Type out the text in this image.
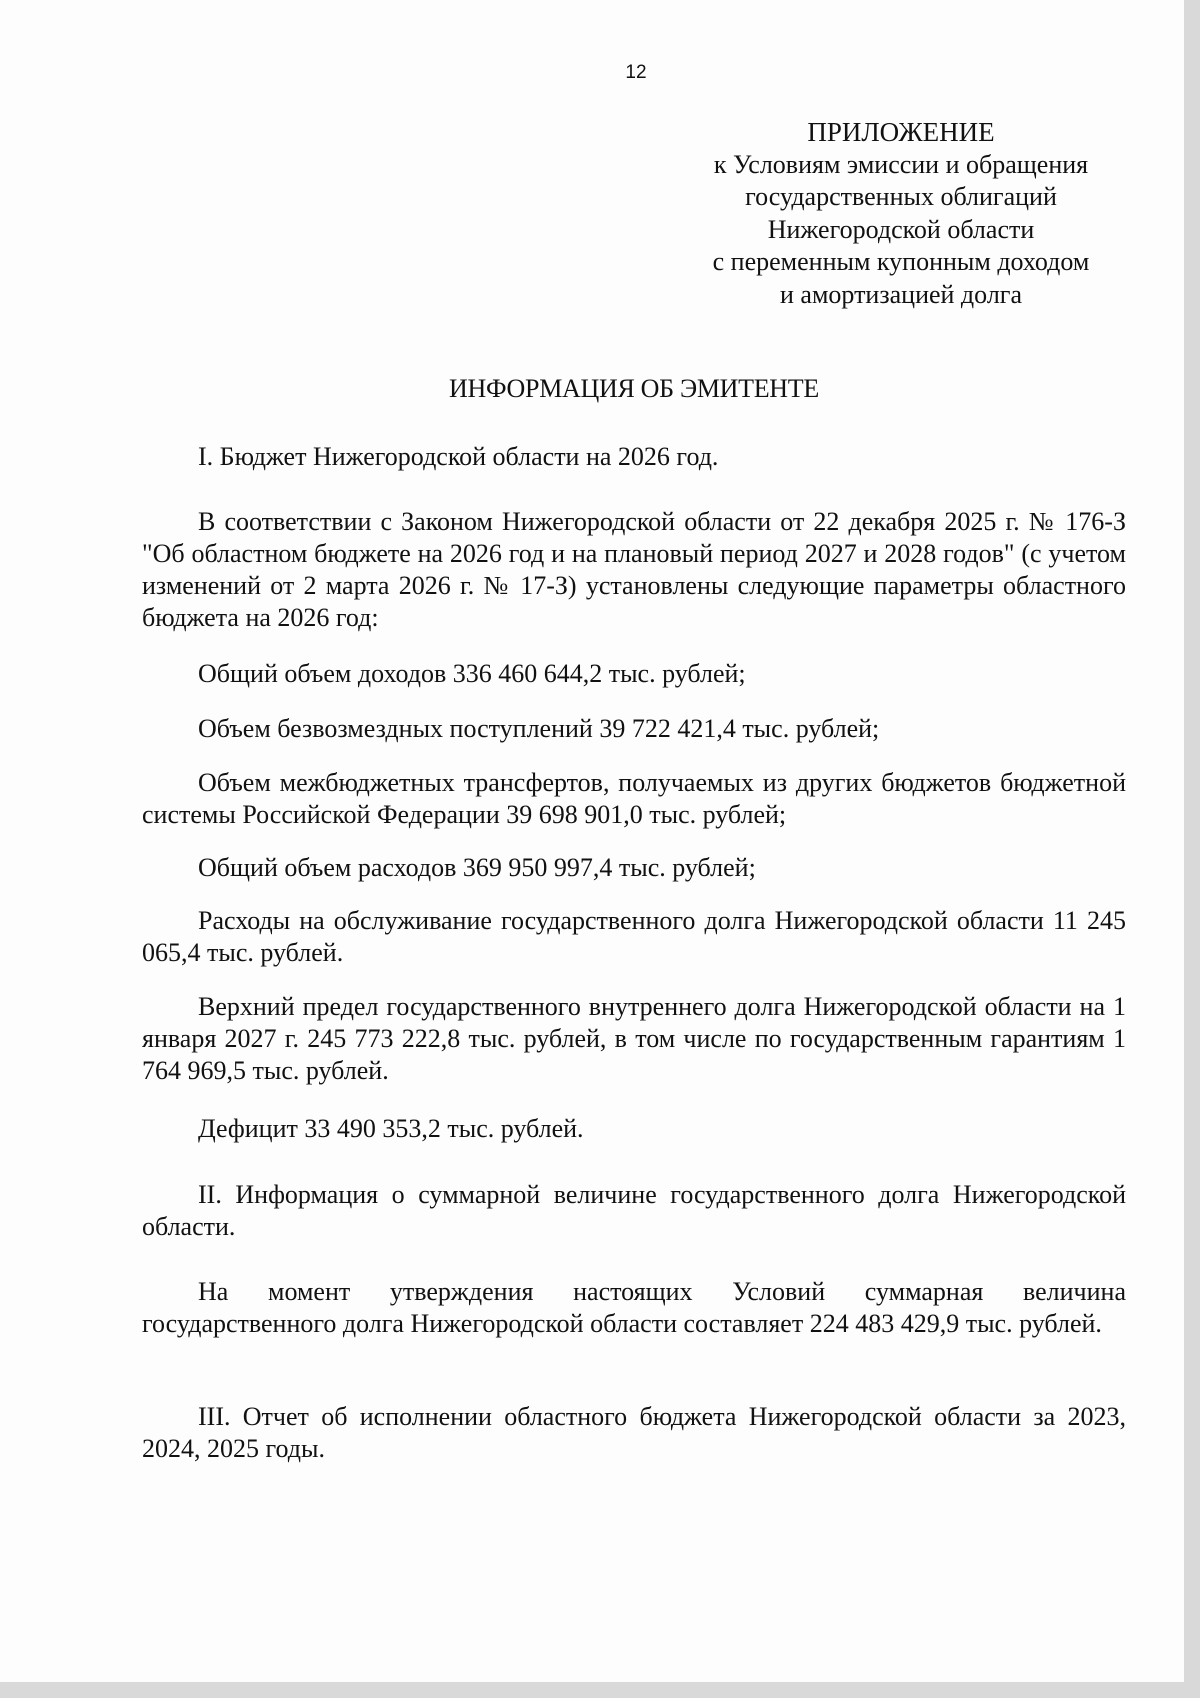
12
ПРИЛОЖЕНИЕ
к Условиям эмиссии и обращения
государственных облигаций
Нижегородской области
с переменным купонным доходом
и амортизацией долга
ИНФОРМАЦИЯ ОБ ЭМИТЕНТЕ

I. Бюджет Нижегородской области на 2026 год.

В соответствии с Законом Нижегородской области от 22 декабря 2025 г. № 176-З "Об областном бюджете на 2026 год и на плановый период 2027 и 2028 годов" (с учетом изменений от 2 марта 2026 г. № 17-З) установлены следующие параметры областного бюджета на 2026 год:

Общий объем доходов 336 460 644,2 тыс. рублей;

Объем безвозмездных поступлений 39 722 421,4 тыс. рублей;

Объем межбюджетных трансфертов, получаемых из других бюджетов бюджетной системы Российской Федерации 39 698 901,0 тыс. рублей;

Общий объем расходов 369 950 997,4 тыс. рублей;

Расходы на обслуживание государственного долга Нижегородской области 11 245 065,4 тыс. рублей.

Верхний предел государственного внутреннего долга Нижегородской области на 1 января 2027 г. 245 773 222,8 тыс. рублей, в том числе по государственным гарантиям 1 764 969,5 тыс. рублей.

Дефицит 33 490 353,2 тыс. рублей.

II. Информация о суммарной величине государственного долга Нижегородской области.

На момент утверждения настоящих Условий суммарная величина государственного долга Нижегородской области составляет 224 483 429,9 тыс. рублей.

III. Отчет об исполнении областного бюджета Нижегородской области за 2023, 2024, 2025 годы.
